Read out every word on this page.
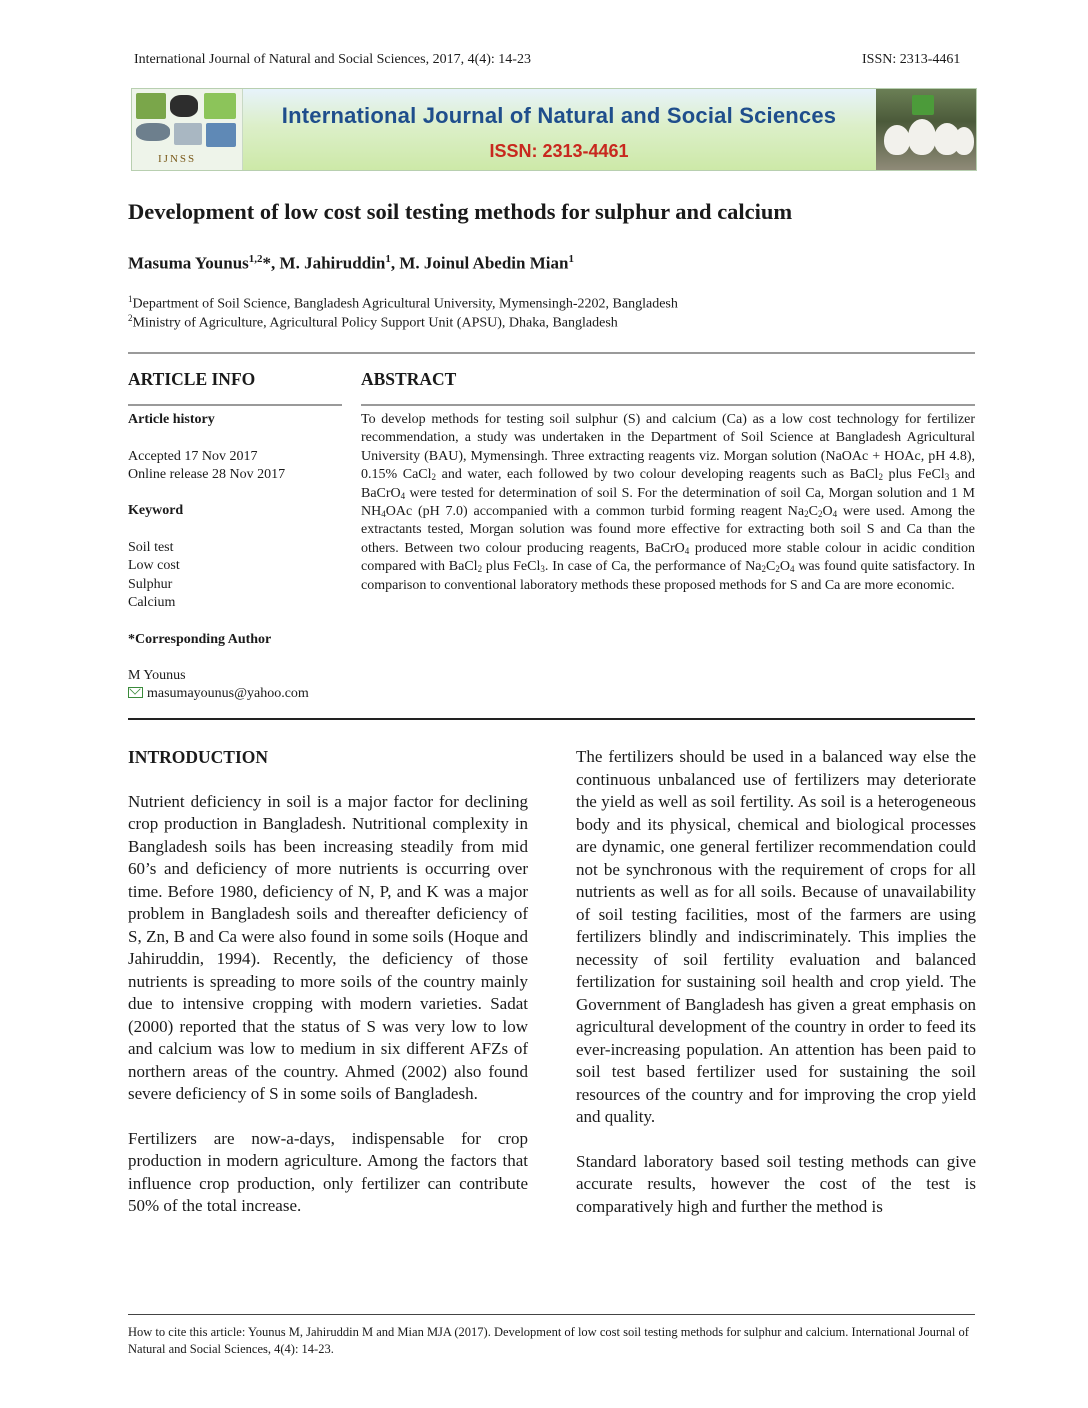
International Journal of Natural and Social Sciences, 2017, 4(4): 14-23	ISSN: 2313-4461
IJNSS
International Journal of Natural and Social Sciences
ISSN: 2313-4461
Development of low cost soil testing methods for sulphur and calcium
Masuma Younus$^{1,2}$*, M. Jahiruddin$^1$, M. Joinul Abedin Mian$^1$
$^1$Department of Soil Science, Bangladesh Agricultural University, Mymensingh-2202, Bangladesh
$^2$Ministry of Agriculture, Agricultural Policy Support Unit (APSU), Dhaka, Bangladesh
ARTICLE INFO	ABSTRACT
Article history
Accepted 17 Nov 2017
Online release 28 Nov 2017
Keyword
Soil test
Low cost
Sulphur
Calcium
*Corresponding Author
M Younus
masumayounus@yahoo.com
To develop methods for testing soil sulphur (S) and calcium (Ca) as a low cost technology for fertilizer recommendation, a study was undertaken in the Department of Soil Science at Bangladesh Agricultural University (BAU), Mymensingh. Three extracting reagents viz. Morgan solution (NaOAc + HOAc, pH 4.8), 0.15% CaCl$_2$ and water, each followed by two colour developing reagents such as BaCl$_2$ plus FeCl$_3$ and BaCrO$_4$ were tested for determination of soil S. For the determination of soil Ca, Morgan solution and 1 M $NH_4OAc$ (pH 7.0) accompanied with a common turbid forming reagent $Na_2C_2O_4$ were used. Among the extractants tested, Morgan solution was found more effective for extracting both soil S and Ca than the others. Between two colour producing reagents, BaCrO$_4$ produced more stable colour in acidic condition compared with BaCl$_2$ plus FeCl$_3$. In case of Ca, the performance of $Na_2C_2O_4$ was found quite satisfactory. In comparison to conventional laboratory methods these proposed methods for S and Ca are more economic.
INTRODUCTION

Nutrient deficiency in soil is a major factor for declining crop production in Bangladesh. Nutritional complexity in Bangladesh soils has been increasing steadily from mid 60’s and deficiency of more nutrients is occurring over time. Before 1980, deficiency of N, P, and K was a major problem in Bangladesh soils and thereafter deficiency of S, Zn, B and Ca were also found in some soils (Hoque and Jahiruddin, 1994). Recently, the deficiency of those nutrients is spreading to more soils of the country mainly due to intensive cropping with modern varieties. Sadat (2000) reported that the status of S was very low to low and calcium was low to medium in six different AFZs of northern areas of the country. Ahmed (2002) also found severe deficiency of S in some soils of Bangladesh.

Fertilizers are now-a-days, indispensable for crop production in modern agriculture. Among the factors that influence crop production, only fertilizer can contribute 50% of the total increase.

The fertilizers should be used in a balanced way else the continuous unbalanced use of fertilizers may deteriorate the yield as well as soil fertility. As soil is a heterogeneous body and its physical, chemical and biological processes are dynamic, one general fertilizer recommendation could not be synchronous with the requirement of crops for all nutrients as well as for all soils. Because of unavailability of soil testing facilities, most of the farmers are using fertilizers blindly and indiscriminately. This implies the necessity of soil fertility evaluation and balanced fertilization for sustaining soil health and crop yield. The Government of Bangladesh has given a great emphasis on agricultural development of the country in order to feed its ever-increasing population. An attention has been paid to soil test based fertilizer used for sustaining the soil resources of the country and for improving the crop yield and quality.

Standard laboratory based soil testing methods can give accurate results, however the cost of the test is comparatively high and further the method is

How to cite this article: Younus M, Jahiruddin M and Mian MJA (2017). Development of low cost soil testing methods for sulphur and calcium. International Journal of Natural and Social Sciences, 4(4): 14-23.
